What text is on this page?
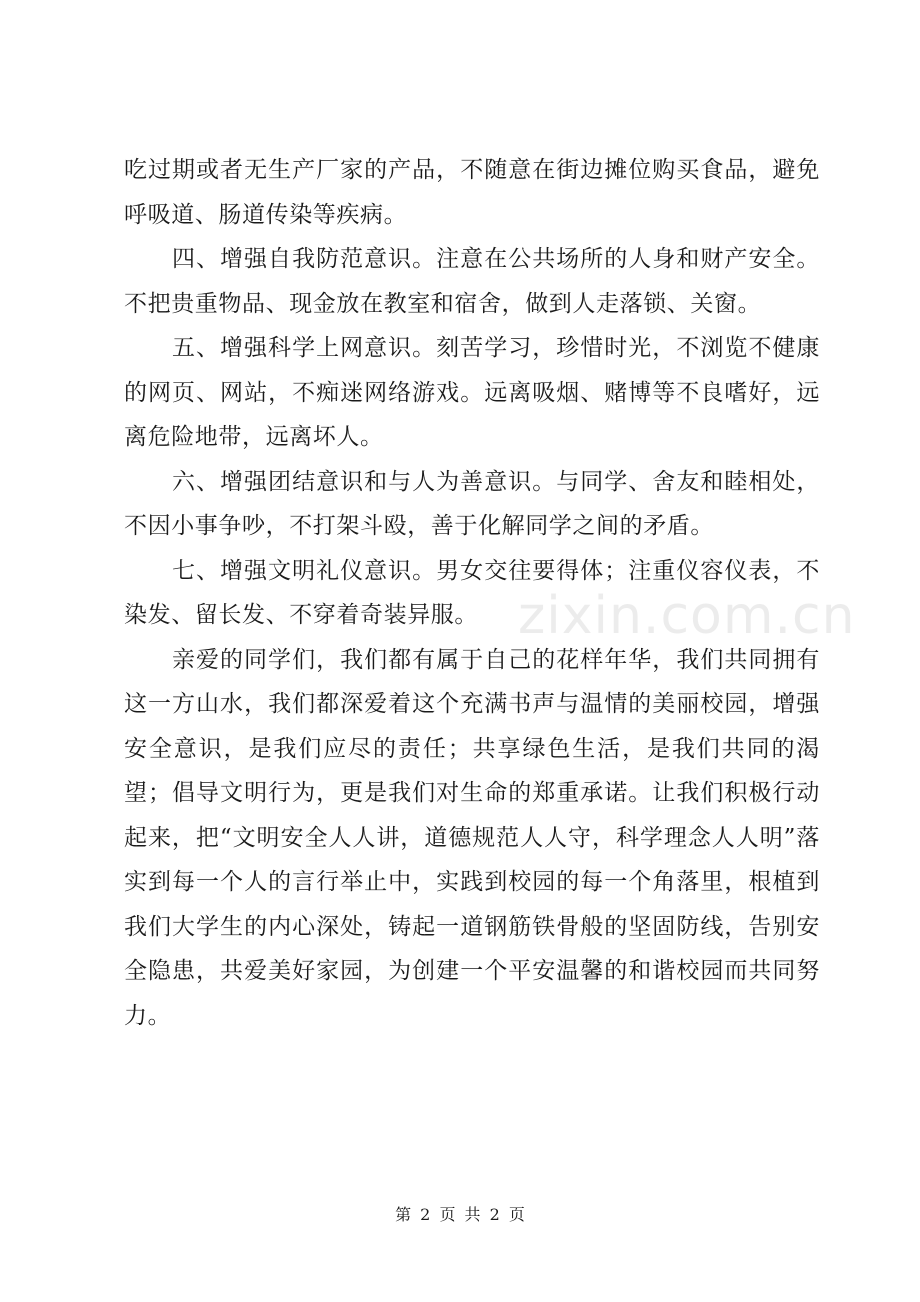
吃过期或者无生产厂家的产品，不随意在街边摊位购买食品，避免呼吸道、肠道传染等疾病。

四、增强自我防范意识。注意在公共场所的人身和财产安全。不把贵重物品、现金放在教室和宿舍，做到人走落锁、关窗。

五、增强科学上网意识。刻苦学习，珍惜时光，不浏览不健康的网页、网站，不痴迷网络游戏。远离吸烟、赌博等不良嗜好，远离危险地带，远离坏人。

六、增强团结意识和与人为善意识。与同学、舍友和睦相处，不因小事争吵，不打架斗殴，善于化解同学之间的矛盾。

七、增强文明礼仪意识。男女交往要得体；注重仪容仪表，不染发、留长发、不穿着奇装异服。

亲爱的同学们，我们都有属于自己的花样年华，我们共同拥有这一方山水，我们都深爱着这个充满书声与温情的美丽校园，增强安全意识，是我们应尽的责任；共享绿色生活，是我们共同的渴望；倡导文明行为，更是我们对生命的郑重承诺。让我们积极行动起来，把“文明安全人人讲，道德规范人人守，科学理念人人明”落实到每一个人的言行举止中，实践到校园的每一个角落里，根植到我们大学生的内心深处，铸起一道钢筋铁骨般的坚固防线，告别安全隐患，共爱美好家园，为创建一个平安温馨的和谐校园而共同努力。

zixin.com.cn
第 2 页 共 2 页
